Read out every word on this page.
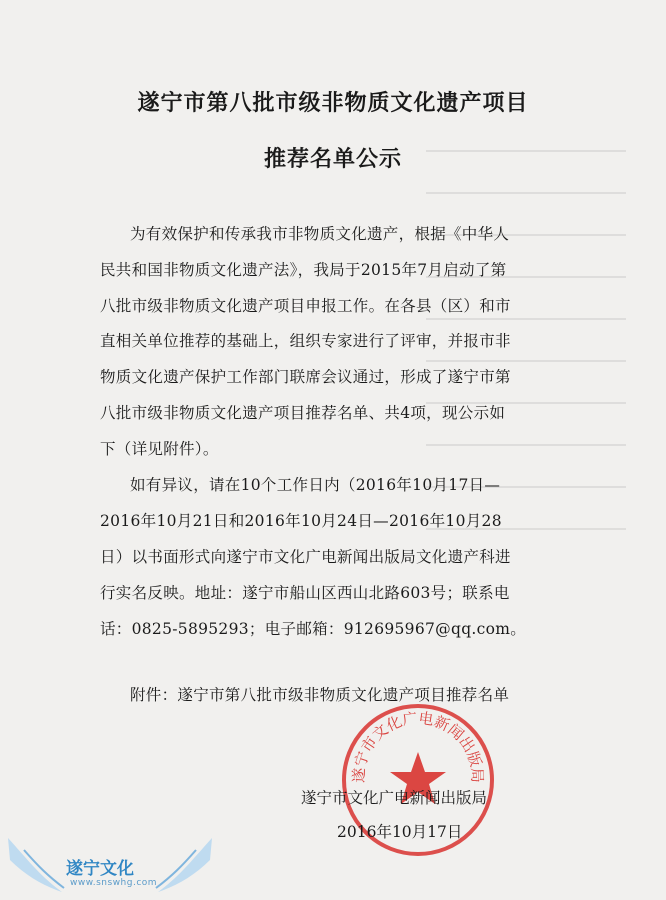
遂宁市第八批市级非物质文化遗产项目
推荐名单公示
为有效保护和传承我市非物质文化遗产，根据《中华人
民共和国非物质文化遗产法》，我局于2015年7月启动了第
八批市级非物质文化遗产项目申报工作。在各县（区）和市
直相关单位推荐的基础上，组织专家进行了评审，并报市非
物质文化遗产保护工作部门联席会议通过，形成了遂宁市第
八批市级非物质文化遗产项目推荐名单、共4项，现公示如
下（详见附件）。
如有异议，请在10个工作日内（2016年10月17日—
2016年10月21日和2016年10月24日—2016年10月28
日）以书面形式向遂宁市文化广电新闻出版局文化遗产科进
行实名反映。地址：遂宁市船山区西山北路603号；联系电
话：0825-5895293；电子邮箱：912695967@qq.com。
附件：遂宁市第八批市级非物质文化遗产项目推荐名单
遂宁市文化广电新闻出版局
遂宁市文化广电新闻出版局
2016年10月17日
遂宁文化
www.snswhg.com
